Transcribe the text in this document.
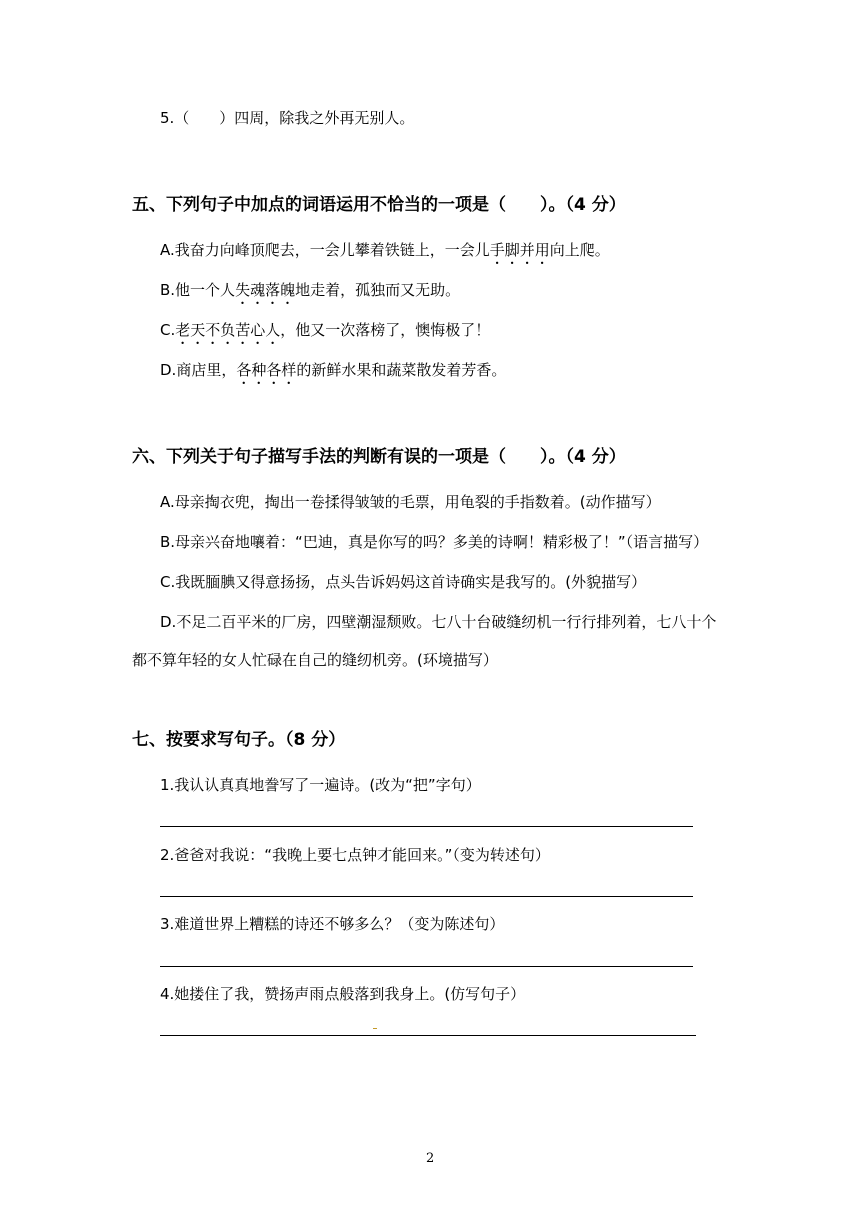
5.（　　）四周，除我之外再无别人。
五、下列句子中加点的词语运用不恰当的一项是（　　）。（4 分）
A.我奋力向峰顶爬去，一会儿攀着铁链上，一会儿手脚并用向上爬。
B.他一个人失魂落魄地走着，孤独而又无助。
C.老天不负苦心人，他又一次落榜了，懊悔极了！
D.商店里，各种各样的新鲜水果和蔬菜散发着芳香。
六、下列关于句子描写手法的判断有误的一项是（　　）。（4 分）
A.母亲掏衣兜，掏出一卷揉得皱皱的毛票，用龟裂的手指数着。(动作描写）
B.母亲兴奋地嚷着：“巴迪，真是你写的吗？多美的诗啊！精彩极了！”（语言描写）
C.我既腼腆又得意扬扬，点头告诉妈妈这首诗确实是我写的。(外貌描写）
D.不足二百平米的厂房，四壁潮湿颓败。七八十台破缝纫机一行行排列着，七八十个
都不算年轻的女人忙碌在自己的缝纫机旁。(环境描写）
七、按要求写句子。（8 分）
1.我认认真真地誊写了一遍诗。(改为“把”字句）
2.爸爸对我说：“我晚上要七点钟才能回来。”（变为转述句）
3.难道世界上糟糕的诗还不够多么？（变为陈述句）
4.她搂住了我，赞扬声雨点般落到我身上。(仿写句子）
2
